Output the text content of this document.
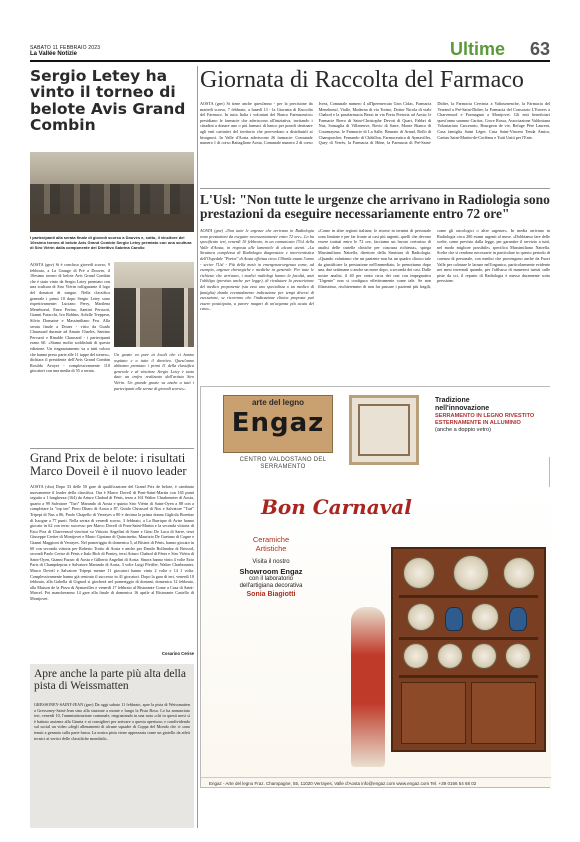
SABATO 11 FEBBRAIO 2023
La Vallée Notizie	Ultime 63
Sergio Letey ha vinto il torneo di belote Avis Grand Combin
I partecipanti alla serata finale di giovedì scorso a Douves e, sotto, il vincitore del 10esimo torneo di belote Avis Grand Combin Sergio Letey premiato con una scultura di Siro Viérin dalla componente del Direttivo Sabrina Carollo
AOSTA (gnv) Si è concluso giovedì scorso, 9 febbraio, a La Grange di Pré a Douves, il 10esimo torneo di belote Avis Grand Combin che è stato vinto da Sergio Letey premiato con una scultura di Siro Viérin raffigurante il logo del donatori di sangue. Nella classifica generale i primi 10 dopo Sergio Letey sono rispettivamente: Luciano Perry, Marilena Meneboeuf, Enzo Ferino, Santini Percuoti, Gianni Faracchi, Ivo Robbin, Achille Treppeur, Silvio Domaine e Massimiliano Feu. Alla serata finale a Doues - visto da Guido Chaussard durante ad Amato Charles, Santino Percuoti e Rinaldo Chaussod - i partecipanti erano 60. «Siamo molto soddisfatti di questa edizione. Un ringraziamento va a tutti coloro che hanno preso parte alle 11 tappe del torneo», dichiara il presidente dell'Avis Grand Combin Rosildo Avoyer - complessivamente 110 giocatori con una media di 55 a serata.
Un grazie va pure ai locali che ci hanno ospitato e a tutto il direttivo. Quest'anno abbiamo premiato i primi 11 della classifica generale e al vincitore Sergio Letey è stato dato un trofeo realizzato dall'artista Siro Viérin. Un grande grazie va anche a tutti i partecipanti alle serate di giovedì scorso».
Grand Prix de belote: i risultati Marco Doveil è il nuovo leader
AOSTA (cbu) Dopo 33 delle 50 gare di qualificazione del Grand Prix de belote, è cambiato nuovamente il leader della classifica. Ora è Marco Doveil di Pont-Saint-Martin con 165 punti seguito a 1 lunghezza (164) da Arturo Chabod di Fénis, terzo a 161 Walter Charbonnier di Aosta, quarto a 99 Salvatore "Turi" Marando di Aosta e quinto Siro Viérin di Saint-Oyen a 88 con a completare la "top ten" Piero Dharo di Aosta a 87, Guido Chiussod di Nus e Salvatore "Turi" Tripepi di Nus a 86, Paolo Chapello di Verrayes a 80 e decima la prima donna Gigliola Borettaz di Issogne a 77 punti. Nella serata di venerdì scorso, 3 febbraio, a La Barrique di Avise hanno giocato in 62 con terzo successo per Marco Doveil di Pont-Saint-Martin e la seconda vittoria di Ezio Pica di Charvensod vincitori su Vittorio Angelini di Sarre e Gino De Luca di Sarre, terzi Giuseppe Cretier di Montjovet e Mario Cipriano di Quincinetto, Maurizio De Gaetano di Cogne e Gianni Maggioni di Verrayes. Nel pomeriggio di domenica 5, al Bistrot di Fénis, hanno giocato in 60 con seconda vittoria per Roberto Trotto di Aosta e anche per Danilo Bollandoz di Brissod, secondi Paolo Cerise di Fénis e Italo Bich di Pontey, terzi Arturo Chabod di Fénis e Siro Viérin di Saint-Oyen, Gianni Fazarc di Aosta e Gilberto Angelini di Aosta. Sinora hanno vinto 4 volte Ezio Paris di Champdepraz e Salvatore Marando di Aosta, 3 volte Luigi Pfeiffer, Walter Charbonnier, Marco Doveil e Salvatore Tripepi mentre 11 giocatori hanno vinto 2 volte e 14 1 volta. Complessivamente hanno già centrato il successo in 41 giocatori. Dopo la gara di ieri, venerdì 10 febbraio, alla Gabella di Gignod si giocherà nel pomeriggio di domani, domenica 12 febbraio, alla Maison de la Pizza di Aymavilles e venerdì 17 febbraio al Ristorante Come a Casa di Saint-Marcel. Poi mancheranno 14 gare alla finale di domenica 16 aprile al Ristorante Castello di Montjovet.
Cosarino Cerise
Apre anche la parte più alta della pista di Weissmatten
GRESSONEY-SAINT-JEAN (gnv) Da oggi sabato 11 febbraio, apre la pista di Weissmatten a Gressoney-Saint-Jean sino alla stazione a monte e lungo la Pista Bosa. Lo ha annunciato ieri, venerdì 10, l'amministrazione comunale, ringraziando in una nota «chi in questi mesi si è battuto assieme alla Giunta e ai consiglieri per arrivare a questa apertura» e condividendo sul social un video «degli allenamenti di alcune squadre di Coppa del Mondo che ci sono tenuti a gennaio sulla parte bassa. La nostra pista viene apprezzata come un gioiello da atleti tecnici ai vertici delle classifiche mondiali».
Giornata di Raccolta del Farmaco
AOSTA (gnv) Si tiene anche quest'anno - per la precisione da martedì scorso, 7 febbraio, a lunedì 13 - la Giornata di Raccolta del Farmaco. In tutta Italia i volontari del Banco Farmaceutico presidiano le farmacie che aderiscono all'iniziativa, invitando i cittadini a donare uno o più farmaci di banco per poterli destinare agli enti caritativi del territorio che provvedono a distribuirli ai bisognosi. In Valle d'Aosta aderiscono 26 farmacie: Comunale numero 1 di corso Battaglione Aosta, Comunale numero 2 di corso Ivrea, Comunale numero 4 all'Ipermercato Gros Cidac, Farmacia Meneboeuf, Vialle, Moderna di via Torino, Dottor Nicola di viale Chabod e la parafarmacia Bezzi in via Porta Pretoria ad Aosta; le Farmacie Brero di Saint-Christophe Devoti di Quart, Fabbri di Nus, Somaglia di Villeneuve, Bovio di Sarre, Monte Bianco di Courmayeur, le Farmacie di La Salle, Brunato di Arnad, Rollo di Champorcher, Fernando di Châtillon, Farmaceutica di Aymavilles, Quey di Verrès, la Farmacia di Hône, la Farmacia di Pré-Saint-Didier, la Farmacia Cervinia a Valtournenche, la Farmacia del Verrand a Pré-Saint-Didier, la Farmacia del Consorzio L'Envers a Charvensod e Formagnat a Montjovet. Gli enti beneficiari quest'anno saranno Caritas, Croce Rossa, Associazione Valdostana Volontariato Carcerario, Bourgeon de vie, Refuge Père Laurent, Casa famiglia Saint Léger, Casa Saint-Vincent Tenda Amica, Caritas Saint-Martin-de-Corléans e Tutti Uniti per l'Ente.
L'Usl: "Non tutte le urgenze che arrivano in Radiologia sono prestazioni da eseguire necessariamente entro 72 ore"
AOSTA (gnv) «Non tutte le urgenze che arrivano in Radiologia sono prestazioni da eseguire necessariamente entro 72 ore». Lo ha specificato ieri, venerdì 10 febbraio, in un comunicato l'Usl della Valle d'Aosta, in risposta alle lamentele di alcuni utenti. «La Struttura complessa di Radiologia diagnostica e interventistica dell'Ospedale "Parini" di Aosta effettua circa 130mila esami l'anno - scrive l'Usl - Più della metà in emergenza-urgenza come, ad esempio, urgenze chirurgiche e mediche in generale. Per tutte le richieste che arrivano, i medici radiologi hanno la facoltà, anzi l'obbligo (previsto anche per legge), di rivalutare la prescrizione del medico proponente (sia esso uno specialista o un medico di famiglia) dando eventualmente indicazione per tempi diversi di esecuzione, se ricorrono che l'indicazione clinica proposta può essere posticipata, a parere magari di un'urgenza più acuta del caso».
«Come in altre regioni italiane, le risorse in termini di personale sono limitate e per far fronte ai casi più urgenti, quelli che devono essere trattati entro le 72 ore, facciamo un lavoro certosino di analisi delle cartelle cliniche per ciascuna richiesta», spiega Massimiliano Natrella, direttore della Struttura di Radiologia. «Quando valutiamo che un paziente non ha un quadro clinico tale da giustificare la prestazione nell'immediato, lo prenotiamo dopo una, due settimane o anche un mese dopo, a seconda dei casi. Dalle nostre analisi, il 40 per cento circa dei casi con impegnativa "Urgente" non si configura effettivamente come tale. Se non filtrassimo, rischieremmo di non far passare i pazienti più fragili, come gli oncologici o altre urgenze». In media arrivano in Radiologia circa 200 esami urgenti al mese. «Dobbiamo fare delle scelte, come previsto dalla legge, per garantire il servizio a tutti, nel modo migliore possibile» specifica Massimiliano Natrella. Scelte che si rendono necessarie in particolare in questo periodo di carenza di personale, con medici che provengono anche da Fuori Valle per colmare le lacune nell'organico, particolarmente evidente nei mesi invernali quando, per l'afflusso di numerosi turisti sulle piste da sci, il reparto di Radiologia è messo duramente sotto pressione.
arte del legno
Engaz
Tradizione
nell'innovazione
SERRAMENTO IN LEGNO RIVESTITO ESTERNAMENTE IN ALLUMINIO
(anche a doppio vetro)
CENTRO VALDOSTANO DEL SERRAMENTO
Bon Carnaval
Ceramiche
Artistiche
Visita il nostro
Showroom Engaz
con il laboratorio
dell'artigiana decorativa
Sonia Biagiotti
Engaz - Arte del legno Fraz. Champagne, 55, 11020 Verrayes, Valle d'Aosta info@engaz.com www.engaz.com Tel. +39 0166 54 68 02
